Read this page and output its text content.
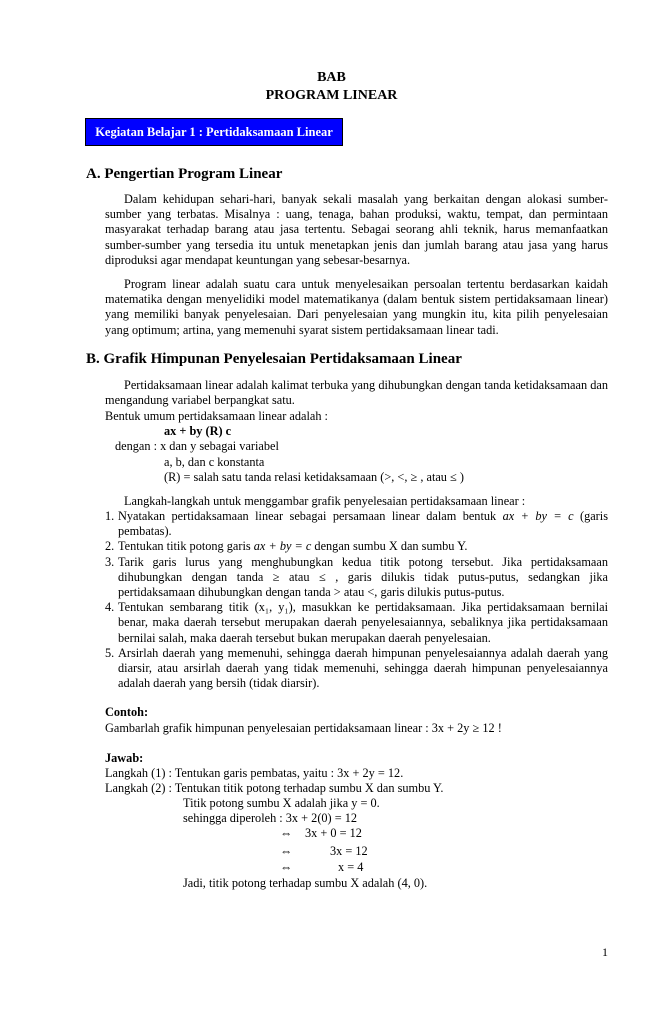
BAB
PROGRAM LINEAR
Kegiatan Belajar 1 : Pertidaksamaan Linear
A. Pengertian Program Linear

Dalam kehidupan sehari-hari, banyak sekali masalah yang berkaitan dengan alokasi sumber-sumber yang terbatas. Misalnya : uang, tenaga, bahan produksi, waktu, tempat, dan permintaan masyarakat terhadap barang atau jasa tertentu. Sebagai seorang ahli teknik, harus memanfaatkan sumber-sumber yang tersedia itu untuk menetapkan jenis dan jumlah barang atau jasa yang harus diproduksi agar mendapat keuntungan yang sebesar-besarnya.

Program linear adalah suatu cara untuk menyelesaikan persoalan tertentu berdasarkan kaidah matematika dengan menyelidiki model matematikanya (dalam bentuk sistem pertidaksamaan linear) yang memiliki banyak penyelesaian. Dari penyelesaian yang mungkin itu, kita pilih penyelesaian yang optimum; artina, yang memenuhi syarat sistem pertidaksamaan linear tadi.

B. Grafik Himpunan Penyelesaian Pertidaksamaan Linear

Pertidaksamaan linear adalah kalimat terbuka yang dihubungkan dengan tanda ketidaksamaan dan mengandung variabel berpangkat satu.

Bentuk umum pertidaksamaan linear adalah :
ax + by (R) c
dengan : x dan y sebagai variabel
a, b, dan c konstanta
(R) = salah satu tanda relasi ketidaksamaan (>, <, ≥ , atau ≤ )
Langkah-langkah untuk menggambar grafik penyelesaian pertidaksamaan linear :
1. Nyatakan pertidaksamaan linear sebagai persamaan linear dalam bentuk ax + by = c (garis pembatas).
2. Tentukan titik potong garis ax + by = c dengan sumbu X dan sumbu Y.
3. Tarik garis lurus yang menghubungkan kedua titik potong tersebut. Jika pertidaksamaan dihubungkan dengan tanda ≥ atau ≤ , garis dilukis tidak putus-putus, sedangkan jika pertidaksamaan dihubungkan dengan tanda > atau <, garis dilukis putus-putus.
4. Tentukan sembarang titik (x₁, y₁), masukkan ke pertidaksamaan. Jika pertidaksamaan bernilai benar, maka daerah tersebut merupakan daerah penyelesaiannya, sebaliknya jika pertidaksamaan bernilai salah, maka daerah tersebut bukan merupakan daerah penyelesaian.
5. Arsirlah daerah yang memenuhi, sehingga daerah himpunan penyelesaiannya adalah daerah yang diarsir, atau arsirlah daerah yang tidak memenuhi, sehingga daerah himpunan penyelesaiannya adalah daerah yang bersih (tidak diarsir).
Contoh:
Gambarlah grafik himpunan penyelesaian pertidaksamaan linear : 3x + 2y ≥ 12 !
Jawab:
Langkah (1) : Tentukan garis pembatas, yaitu : 3x + 2y = 12.
Langkah (2) : Tentukan titik potong terhadap sumbu X dan sumbu Y.
Titik potong sumbu X adalah jika y = 0.
sehingga diperoleh : 3x + 2(0) = 12
⇔ 3x + 0 = 12
⇔	3x = 12
⇔	x = 4
Jadi, titik potong terhadap sumbu X adalah (4, 0).
1
